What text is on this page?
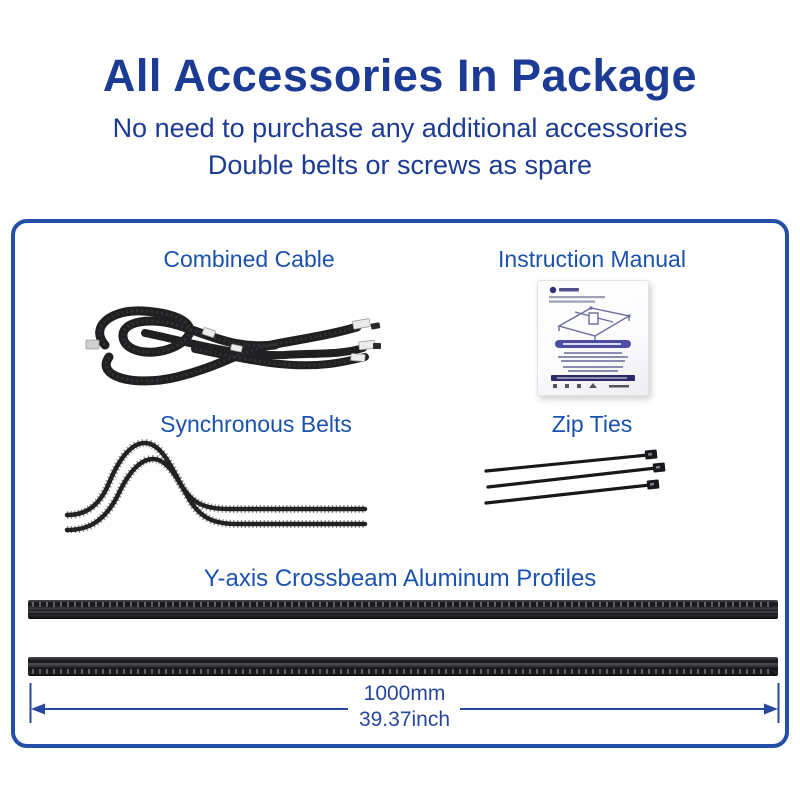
All Accessories In Package
No need to purchase any additional accessories
Double belts or screws as spare
Combined Cable	Instruction Manual
Synchronous Belts	Zip Ties
Y-axis Crossbeam Aluminum Profiles
1000mm
39.37inch
